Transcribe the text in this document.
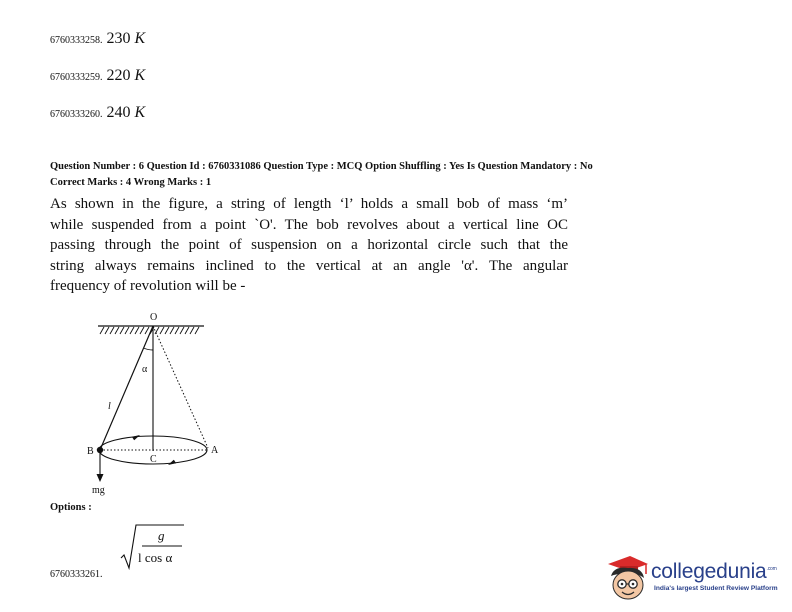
6760333258. 230 K
6760333259. 220 K
6760333260. 240 K
Question Number : 6 Question Id : 6760331086 Question Type : MCQ Option Shuffling : Yes Is Question Mandatory : No
Correct Marks : 4 Wrong Marks : 1
As shown in the figure, a string of length ‘l’ holds a small bob of mass ‘m’
while suspended from a point `O'. The bob revolves about a vertical line OC
passing through the point of suspension on a horizontal circle such that the
string always remains inclined to the vertical at an angle 'α'. The angular
frequency of revolution will be -
O
α
l
B	A
C
mg
Options :
g
l cos α
6760333261.	collegedunia$^{.com}$
India's largest Student Review Platform
